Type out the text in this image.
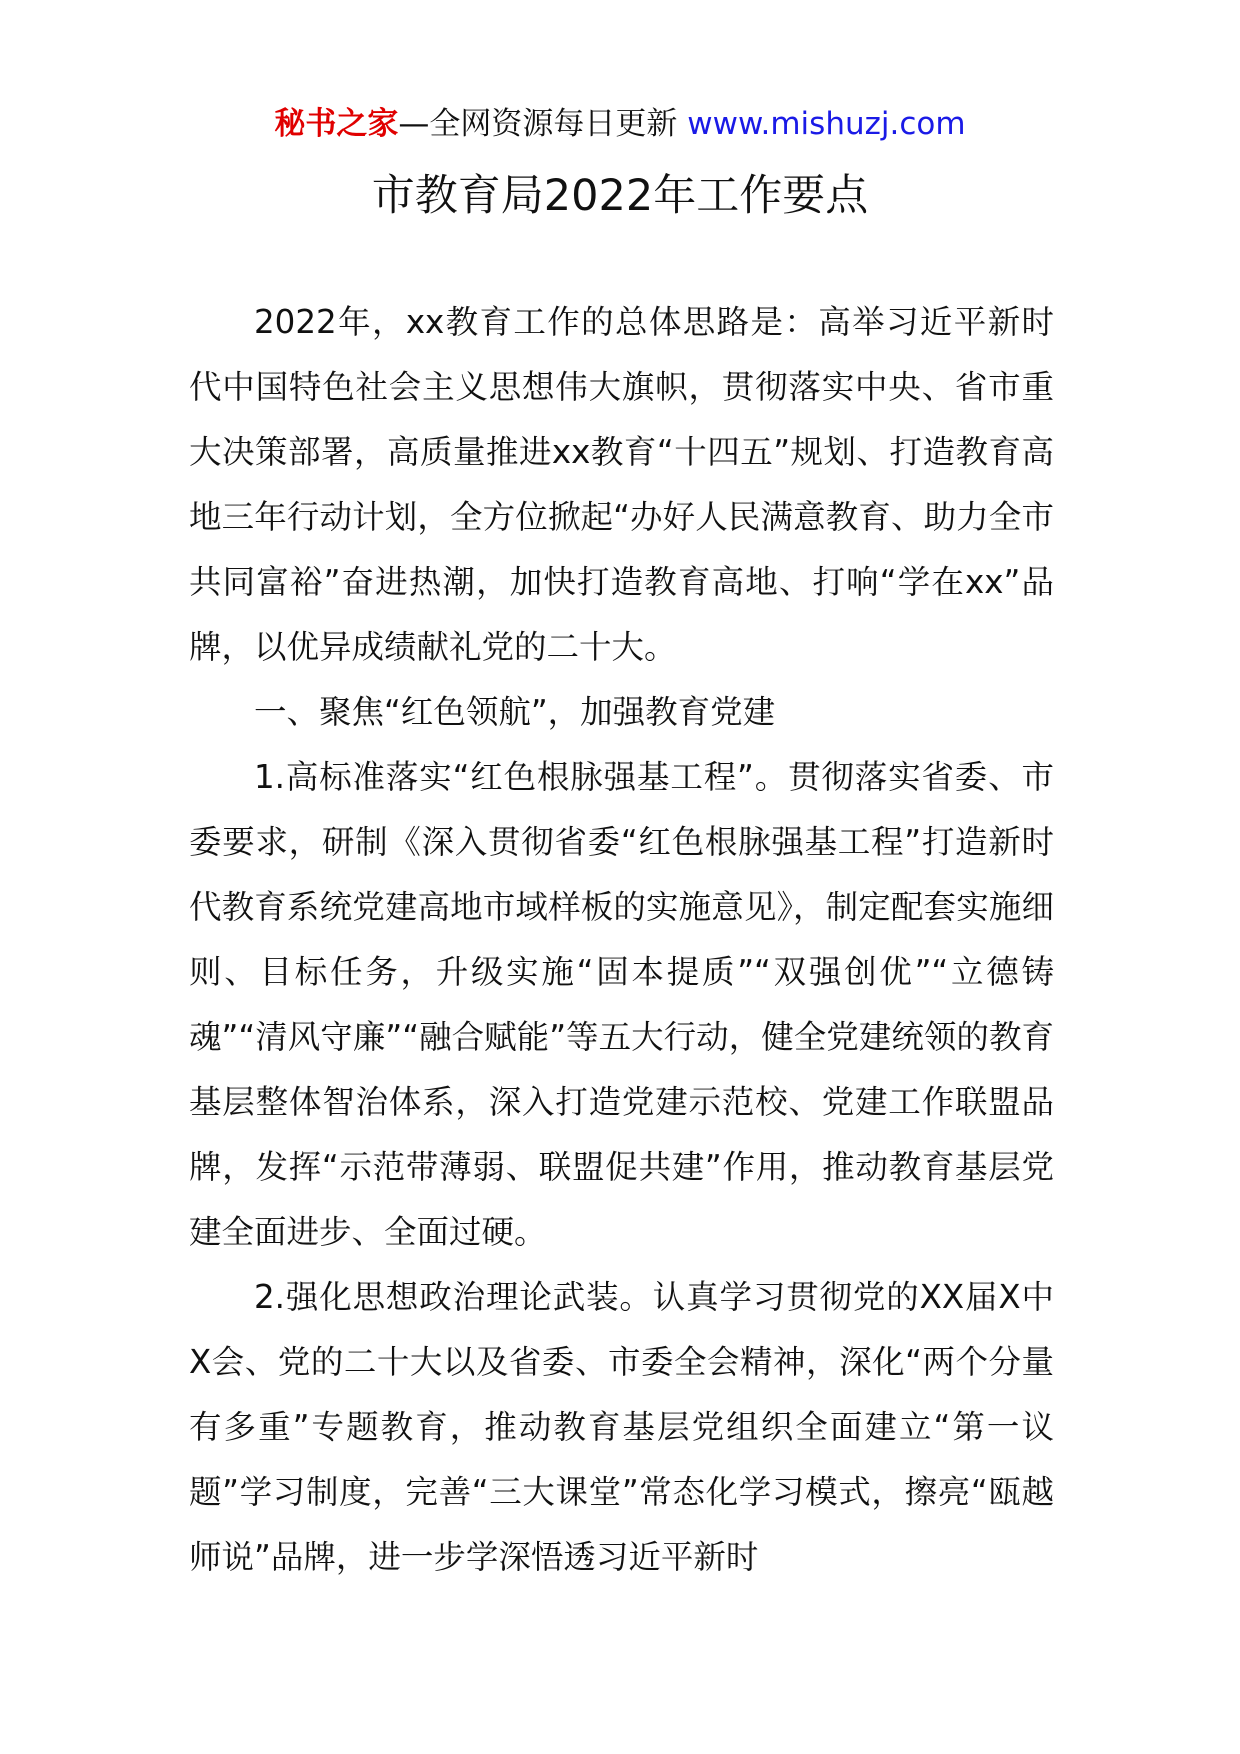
秘书之家—全网资源每日更新 www.mishuzj.com
市教育局2022年工作要点

2022年，xx教育工作的总体思路是：高举习近平新时代中国特色社会主义思想伟大旗帜，贯彻落实中央、省市重大决策部署，高质量推进xx教育“十四五”规划、打造教育高地三年行动计划，全方位掀起“办好人民满意教育、助力全市共同富裕”奋进热潮，加快打造教育高地、打响“学在xx”品牌，以优异成绩献礼党的二十大。

一、聚焦“红色领航”，加强教育党建

1.高标准落实“红色根脉强基工程”。贯彻落实省委、市委要求，研制《深入贯彻省委“红色根脉强基工程”打造新时代教育系统党建高地市域样板的实施意见》，制定配套实施细则、目标任务，升级实施“固本提质”“双强创优”“立德铸魂”“清风守廉”“融合赋能”等五大行动，健全党建统领的教育基层整体智治体系，深入打造党建示范校、党建工作联盟品牌，发挥“示范带薄弱、联盟促共建”作用，推动教育基层党建全面进步、全面过硬。

2.强化思想政治理论武装。认真学习贯彻党的XX届X中X会、党的二十大以及省委、市委全会精神，深化“两个分量有多重”专题教育，推动教育基层党组织全面建立“第一议题”学习制度，完善“三大课堂”常态化学习模式，擦亮“瓯越师说”品牌，进一步学深悟透习近平新时
